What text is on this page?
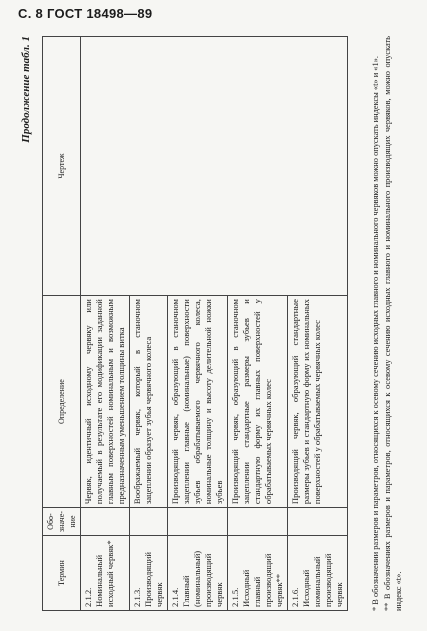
С. 8 ГОСТ 18498—89
Продолжение табл. 1
Термин	Обо-значе-ние	Определение	Чертеж

2.1.2. Номинальный исходный червяк*		Червяк, идентичный исходному червяку или получаемый в результате его модификации заданной главным поверхностей номинальным и возможным предназначенным уменьшением толщины витка	

2.1.3. Производящий червяк		Воображаемый червяк, который в станочном зацеплении образует зубья червячного колеса	

2.1.4. Главный (номинальный) производящий червяк		Производящий червяк, образующий в станочном зацеплении главные (номинальные) поверхности зубьев обрабатываемого червячного колеса, номинальные толщину и высоту делительной ножки зубьев	

2.1.5. Исходный главный производящий червяк**		Производящий червяк, образующий в станочном зацеплении стандартные размеры зубьев и стандартную форму их главных поверхностей у обрабатываемых червячных колес	

2.1.6. Исходный номинальный производящий червяк		Производящий червяк, образующий стандартные размеры зубьев и стандартную форму их номинальных поверхностей у обрабатываемых червячных колес		* В обозначении размеров и параметров, относящихся к осевому сечению исходных главного и номинального червяков можно опускать индексы «t» и «1». ** В обозначениях размеров и параметров, относящихся к осевому сечению исходных главного и номинального производящих червяков, можно опускать индекс «t».
